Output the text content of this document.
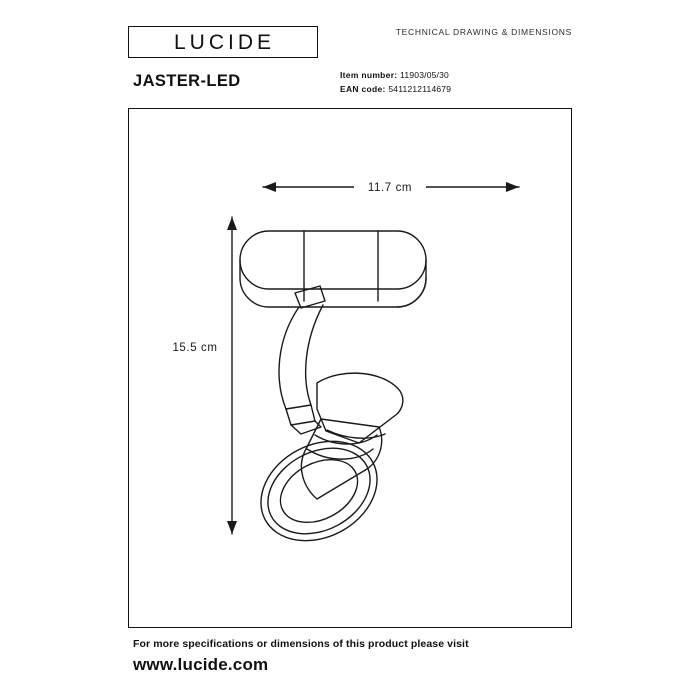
LUCIDE	TECHNICAL DRAWING & DIMENSIONS
JASTER-LED	Item number: 11903/05/30
EAN code: 5411212114679
11.7 cm
15.5 cm
For more specifications or dimensions of this product please visit
www.lucide.com
